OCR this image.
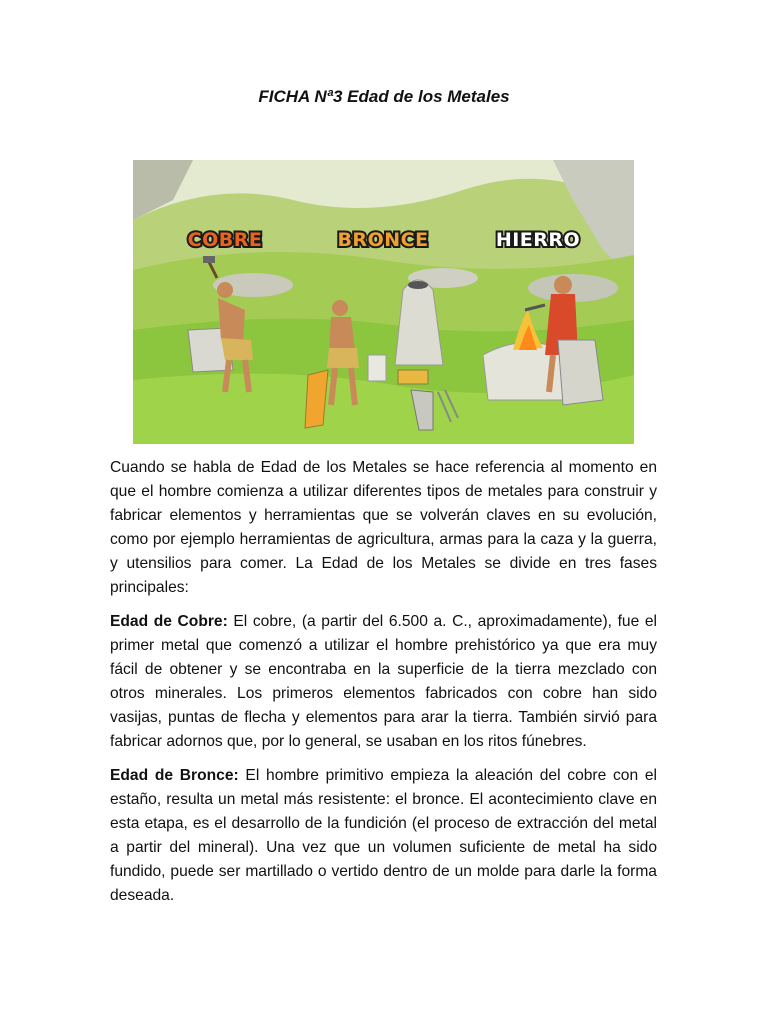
FICHA Nª3 Edad de los Metales
COBRE	BRONCE	HIERRO

Cuando se habla de Edad de los Metales se hace referencia al momento en que el hombre comienza a utilizar diferentes tipos de metales para construir y fabricar elementos y herramientas que se volverán claves en su evolución, como por ejemplo herramientas de agricultura, armas para la caza y la guerra, y utensilios para comer. La Edad de los Metales se divide en tres fases principales:

Edad de Cobre: El cobre, (a partir del 6.500 a. C., aproximadamente), fue el primer metal que comenzó a utilizar el hombre prehistórico ya que era muy fácil de obtener y se encontraba en la superficie de la tierra mezclado con otros minerales. Los primeros elementos fabricados con cobre han sido vasijas, puntas de flecha y elementos para arar la tierra. También sirvió para fabricar adornos que, por lo general, se usaban en los ritos fúnebres.

Edad de Bronce: El hombre primitivo empieza la aleación del cobre con el estaño, resulta un metal más resistente: el bronce. El acontecimiento clave en esta etapa, es el desarrollo de la fundición (el proceso de extracción del metal a partir del mineral). Una vez que un volumen suficiente de metal ha sido fundido, puede ser martillado o vertido dentro de un molde para darle la forma deseada.
